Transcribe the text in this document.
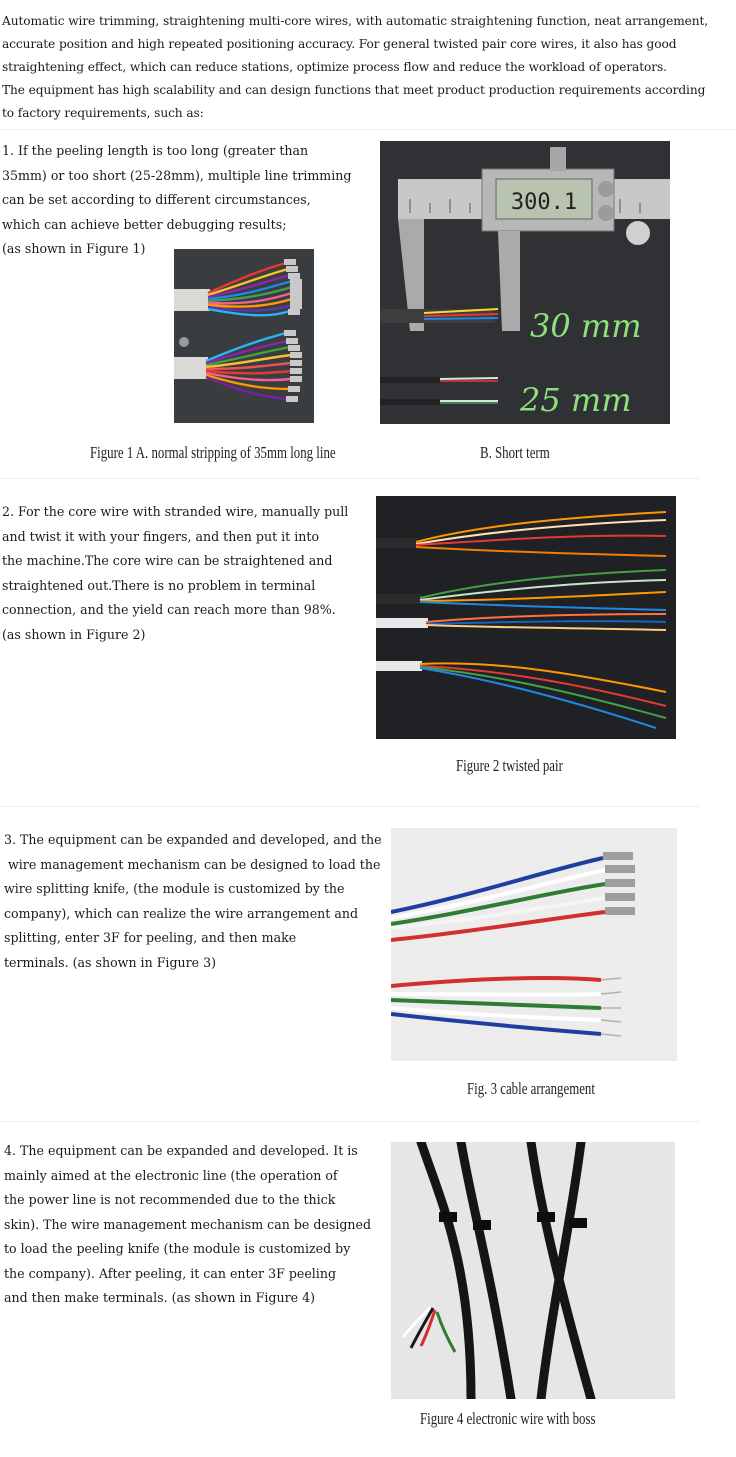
Automatic wire trimming, straightening multi-core wires, with automatic straightening function, neat arrangement,

accurate position and high repeated positioning accuracy. For general twisted pair core wires, it also has good

straightening effect, which can reduce stations, optimize process flow and reduce the workload of operators.

The equipment has high scalability and can design functions that meet product production requirements according

to factory requirements, such as:

1. If the peeling length is too long (greater than

35mm) or too short (25-28mm), multiple line trimming

can be set according to different circumstances,

which can achieve better debugging results;

(as shown in Figure 1)

300.1
30 mm
25 mm
Figure 1 A. normal stripping of 35mm long line	B. Short term

2. For the core wire with stranded wire, manually pull

and twist it with your fingers, and then put it into

the machine.The core wire can be straightened and

straightened out.There is no problem in terminal

connection, and the yield can reach more than 98%.

(as shown in Figure 2)

Figure 2 twisted pair

3. The equipment can be expanded and developed, and the

wire management mechanism can be designed to load the

wire splitting knife, (the module is customized by the

company), which can realize the wire arrangement and

splitting, enter 3F for peeling, and then make

terminals. (as shown in Figure 3)

Fig. 3 cable arrangement

4. The equipment can be expanded and developed. It is

mainly aimed at the electronic line (the operation of

the power line is not recommended due to the thick

skin). The wire management mechanism can be designed

to load the peeling knife (the module is customized by

the company). After peeling, it can enter 3F peeling

and then make terminals. (as shown in Figure 4)

Figure 4 electronic wire with boss
